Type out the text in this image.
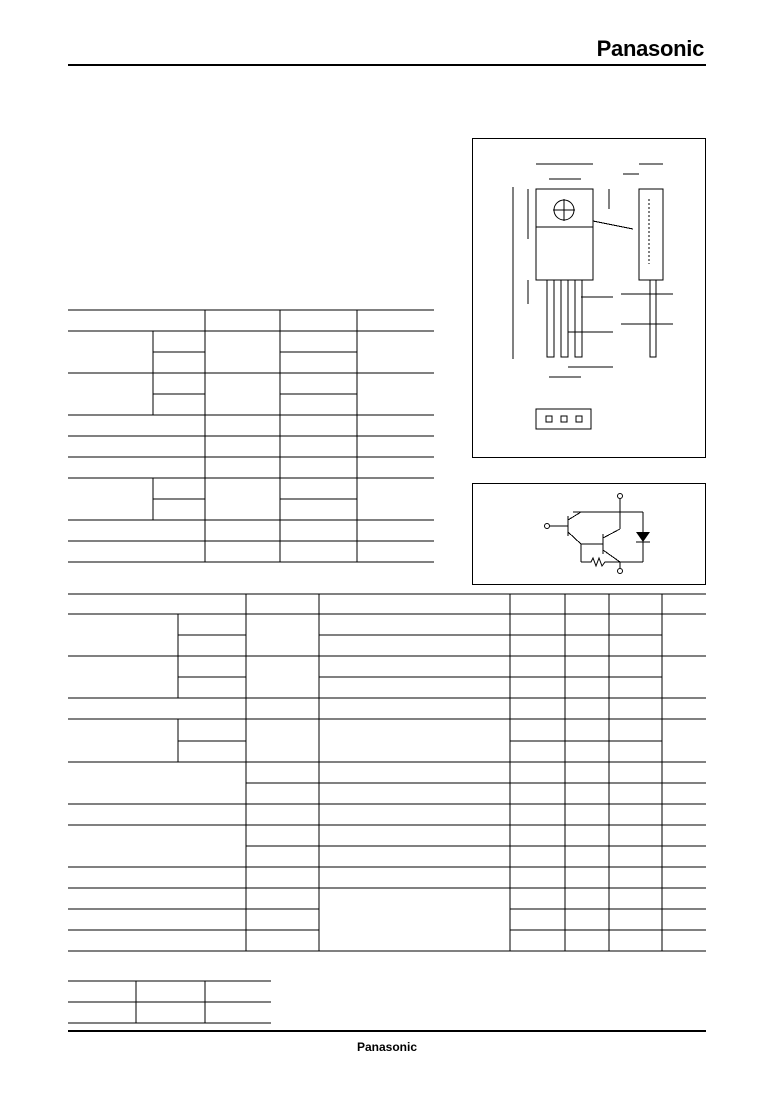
Panasonic
Panasonic
